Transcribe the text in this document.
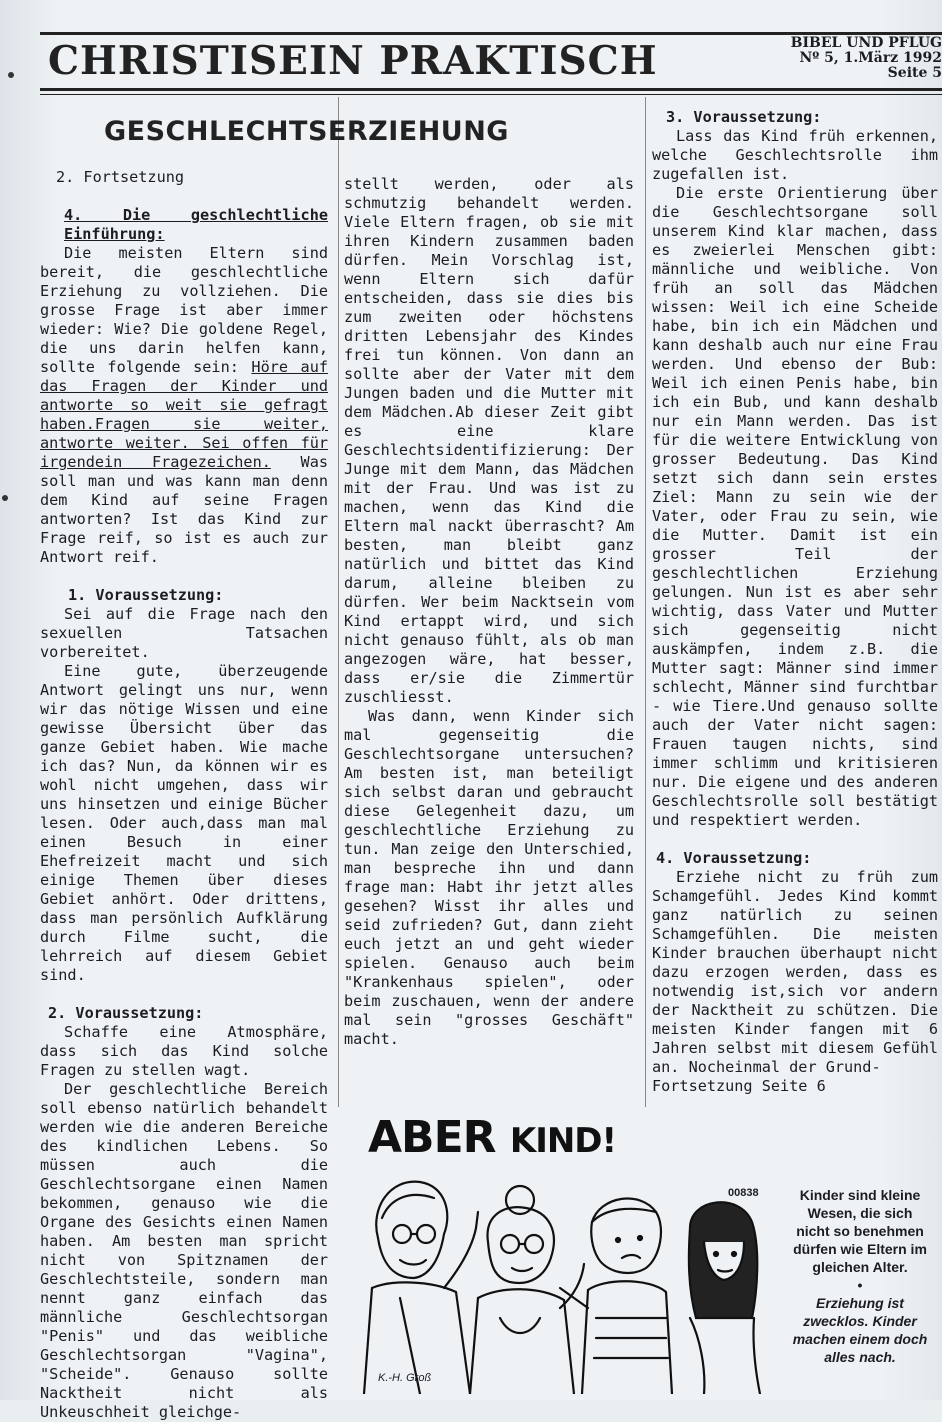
CHRISTISEIN PRAKTISCH	BIBEL UND PFLUG
Nº 5, 1.März 1992
Seite 5
GESCHLECHTSERZIEHUNG

2. Fortsetzung

4. Die geschlechtliche Einführung:

Die meisten Eltern sind bereit, die geschlechtliche Erziehung zu vollziehen. Die grosse Frage ist aber immer wieder: Wie? Die goldene Regel, die uns darin helfen kann, sollte folgende sein: Höre auf das Fragen der Kinder und antworte so weit sie gefragt haben.Fragen sie weiter, antworte weiter. Sei offen für irgendein Fragezeichen. Was soll man und was kann man denn dem Kind auf seine Fragen antworten? Ist das Kind zur Frage reif, so ist es auch zur Antwort reif.

1. Voraussetzung:

Sei auf die Frage nach den sexuellen Tatsachen vorbereitet.

Eine gute, überzeugende Antwort gelingt uns nur, wenn wir das nötige Wissen und eine gewisse Übersicht über das ganze Gebiet haben. Wie mache ich das? Nun, da können wir es wohl nicht umgehen, dass wir uns hinsetzen und einige Bücher lesen. Oder auch,dass man mal einen Besuch in einer Ehefreizeit macht und sich einige Themen über dieses Gebiet anhört. Oder drittens, dass man persönlich Aufklärung durch Filme sucht, die lehrreich auf diesem Gebiet sind.

2. Voraussetzung:

Schaffe eine Atmosphäre, dass sich das Kind solche Fragen zu stellen wagt.

Der geschlechtliche Bereich soll ebenso natürlich behandelt werden wie die anderen Bereiche des kindlichen Lebens. So müssen auch die Geschlechtsorgane einen Namen bekommen, genauso wie die Organe des Gesichts einen Namen haben. Am besten man spricht nicht von Spitznamen der Geschlechtsteile, sondern man nennt ganz einfach das männliche Geschlechtsorgan "Penis" und das weibliche Geschlechtsorgan "Vagina", "Scheide". Genauso sollte Nacktheit nicht als Unkeuschheit gleichge-

stellt werden, oder als schmutzig behandelt werden. Viele Eltern fragen, ob sie mit ihren Kindern zusammen baden dürfen. Mein Vorschlag ist, wenn Eltern sich dafür entscheiden, dass sie dies bis zum zweiten oder höchstens dritten Lebensjahr des Kindes frei tun können. Von dann an sollte aber der Vater mit dem Jungen baden und die Mutter mit dem Mädchen.Ab dieser Zeit gibt es eine klare Geschlechtsidentifizierung: Der Junge mit dem Mann, das Mädchen mit der Frau. Und was ist zu machen, wenn das Kind die Eltern mal nackt überrascht? Am besten, man bleibt ganz natürlich und bittet das Kind darum, alleine bleiben zu dürfen. Wer beim Nacktsein vom Kind ertappt wird, und sich nicht genauso fühlt, als ob man angezogen wäre, hat besser, dass er/sie die Zimmertür zuschliesst.

Was dann, wenn Kinder sich mal gegenseitig die Geschlechtsorgane untersuchen? Am besten ist, man beteiligt sich selbst daran und gebraucht diese Gelegenheit dazu, um geschlechtliche Erziehung zu tun. Man zeige den Unterschied, man bespreche ihn und dann frage man: Habt ihr jetzt alles gesehen? Wisst ihr alles und seid zufrieden? Gut, dann zieht euch jetzt an und geht wieder spielen. Genauso auch beim "Krankenhaus spielen", oder beim zuschauen, wenn der andere mal sein "grosses Geschäft" macht.

3. Voraussetzung:

Lass das Kind früh erkennen, welche Geschlechtsrolle ihm zugefallen ist.

Die erste Orientierung über die Geschlechtsorgane soll unserem Kind klar machen, dass es zweierlei Menschen gibt: männliche und weibliche. Von früh an soll das Mädchen wissen: Weil ich eine Scheide habe, bin ich ein Mädchen und kann deshalb auch nur eine Frau werden. Und ebenso der Bub: Weil ich einen Penis habe, bin ich ein Bub, und kann deshalb nur ein Mann werden. Das ist für die weitere Entwicklung von grosser Bedeutung. Das Kind setzt sich dann sein erstes Ziel: Mann zu sein wie der Vater, oder Frau zu sein, wie die Mutter. Damit ist ein grosser Teil der geschlechtlichen Erziehung gelungen. Nun ist es aber sehr wichtig, dass Vater und Mutter sich gegenseitig nicht auskämpfen, indem z.B. die Mutter sagt: Männer sind immer schlecht, Männer sind furchtbar - wie Tiere.Und genauso sollte auch der Vater nicht sagen: Frauen taugen nichts, sind immer schlimm und kritisieren nur. Die eigene und des anderen Geschlechtsrolle soll bestätigt und respektiert werden.

4. Voraussetzung:

Erziehe nicht zu früh zum Schamgefühl. Jedes Kind kommt ganz natürlich zu seinen Schamgefühlen. Die meisten Kinder brauchen überhaupt nicht dazu erzogen werden, dass es notwendig ist,sich vor andern der Nacktheit zu schützen. Die meisten Kinder fangen mit 6 Jahren selbst mit diesem Gefühl an. Nocheinmal der Grund-

Fortsetzung Seite 6

ABER KIND!
00838	Kinder sind kleine Wesen, die sich nicht so benehmen dürfen wie Eltern im gleichen Alter.
•
Erziehung ist zwecklos. Kinder machen einem doch alles nach.
K.-H. Groß
